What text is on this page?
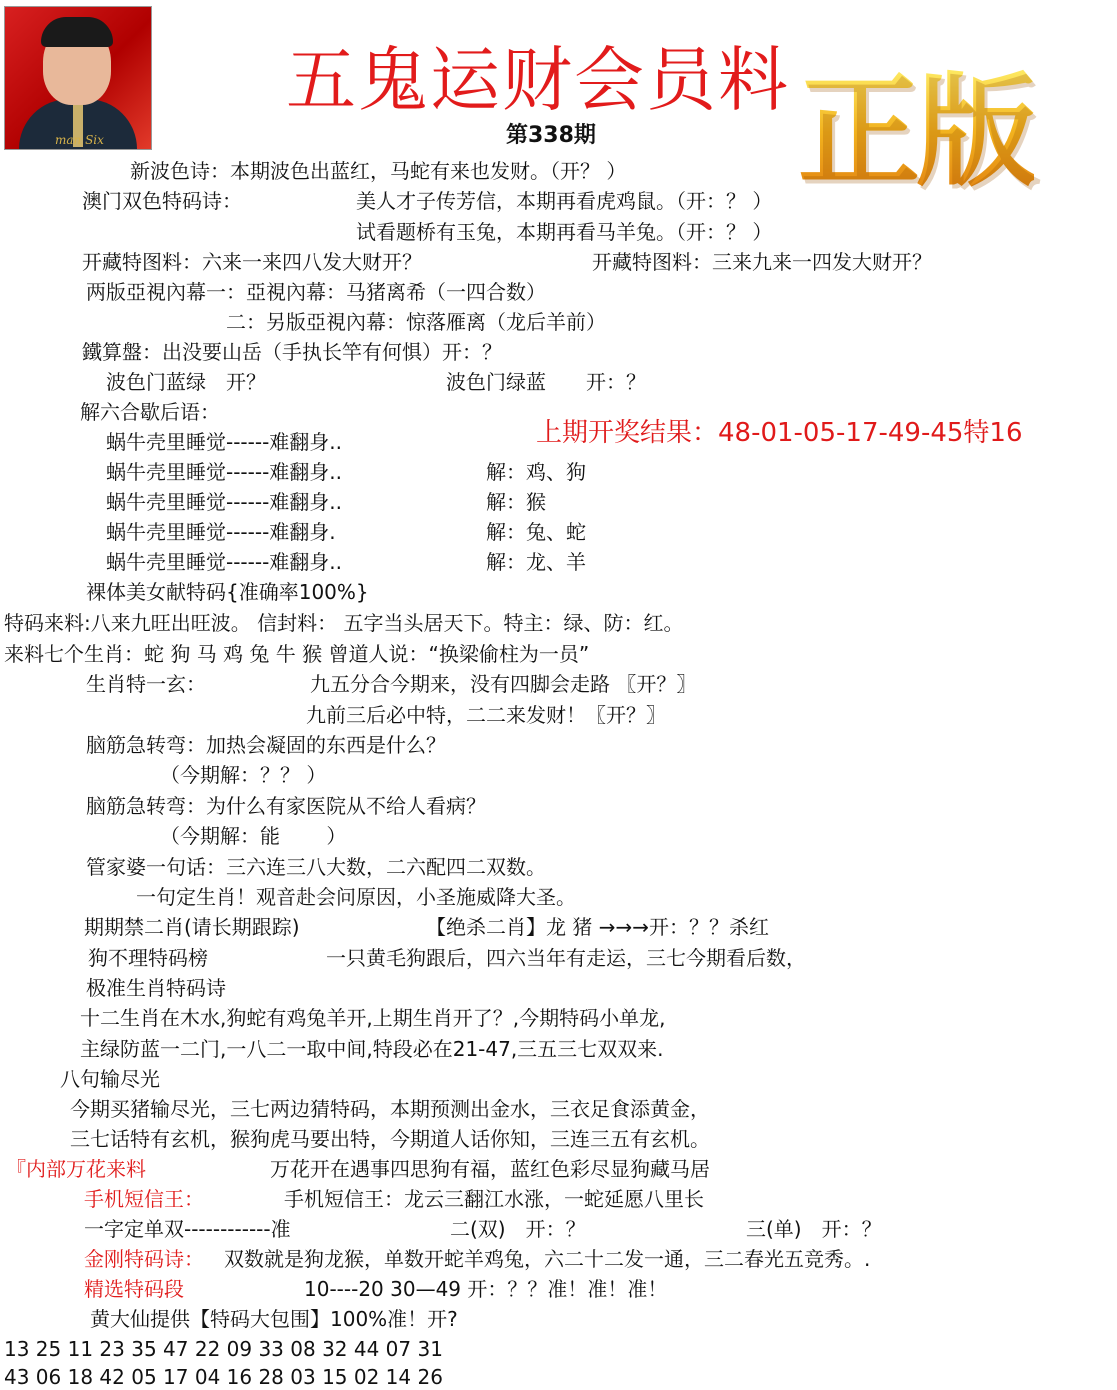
man Six
五鬼运财会员料
第338期 正版
新波色诗：本期波色出蓝红，马蛇有来也发财。（开？ ）
澳门双色特码诗：	美人才子传芳信，本期再看虎鸡鼠。（开：？ ）
试看题桥有玉兔，本期再看马羊兔。（开：？ ）
开藏特图料：六来一来四八发大财开？	开藏特图料：三来九来一四发大财开？
两版亞視內幕一：亞視內幕：马猪离希（一四合数）
二：另版亞視內幕：惊落雁离（龙后羊前）
鐵算盤：出没要山岳（手执长竿有何惧）开：？
波色门蓝绿　开？	波色门绿蓝　　开：？
解六合歇后语：
蜗牛壳里睡觉------难翻身..	上期开奖结果：48-01-05-17-49-45特16
蜗牛壳里睡觉------难翻身..	解：鸡、狗
蜗牛壳里睡觉------难翻身..	解：猴
蜗牛壳里睡觉------难翻身.	解：兔、蛇
蜗牛壳里睡觉------难翻身..	解：龙、羊
裸体美女献特码{准确率100%}
特码来料:八来九旺出旺波。 信封料： 五字当头居天下。特主：绿、防：红。
来料七个生肖：蛇 狗 马 鸡 兔 牛 猴 曾道人说：“换梁偷柱为一员”
生肖特一玄：	九五分合今期来，没有四脚会走路 〖开？〗
九前三后必中特，二二来发财！〖开？〗
脑筋急转弯：加热会凝固的东西是什么？
（今期解：？？ ）
脑筋急转弯：为什么有家医院从不给人看病？
（今期解：能　　 ）
管家婆一句话：三六连三八大数，二六配四二双数。
一句定生肖！观音赴会问原因，小圣施威降大圣。
期期禁二肖(请长期跟踪)	【绝杀二肖】龙 猪 →→→开：？？杀红
狗不理特码榜	一只黄毛狗跟后，四六当年有走运，三七今期看后数，
极准生肖特码诗
十二生肖在木水,狗蛇有鸡兔羊开,上期生肖开了？,今期特码小单龙,
主绿防蓝一二门,一八二一取中间,特段必在21-47,三五三七双双来.
八句输尽光
今期买猪输尽光，三七两边猜特码，本期预测出金水，三衣足食添黄金，
三七话特有玄机，猴狗虎马要出特，今期道人话你知，三连三五有玄机。
『内部万花来料	万花开在遇事四思狗有福，蓝红色彩尽显狗藏马居
手机短信王：	手机短信王：龙云三翻江水涨，一蛇延愿八里长
一字定单双------------准	二(双)　开：？	三(单)　开：？
金刚特码诗： 双数就是狗龙猴，单数开蛇羊鸡兔，六二十二发一通，三二春光五竞秀。.
精选特码段	10----20 30—49 开：？？准！准！准！
黄大仙提供【特码大包围】100%准！开?
13 25 11 23 35 47 22 09 33 08 32 44 07 31
43 06 18 42 05 17 04 16 28 03 15 02 14 26
